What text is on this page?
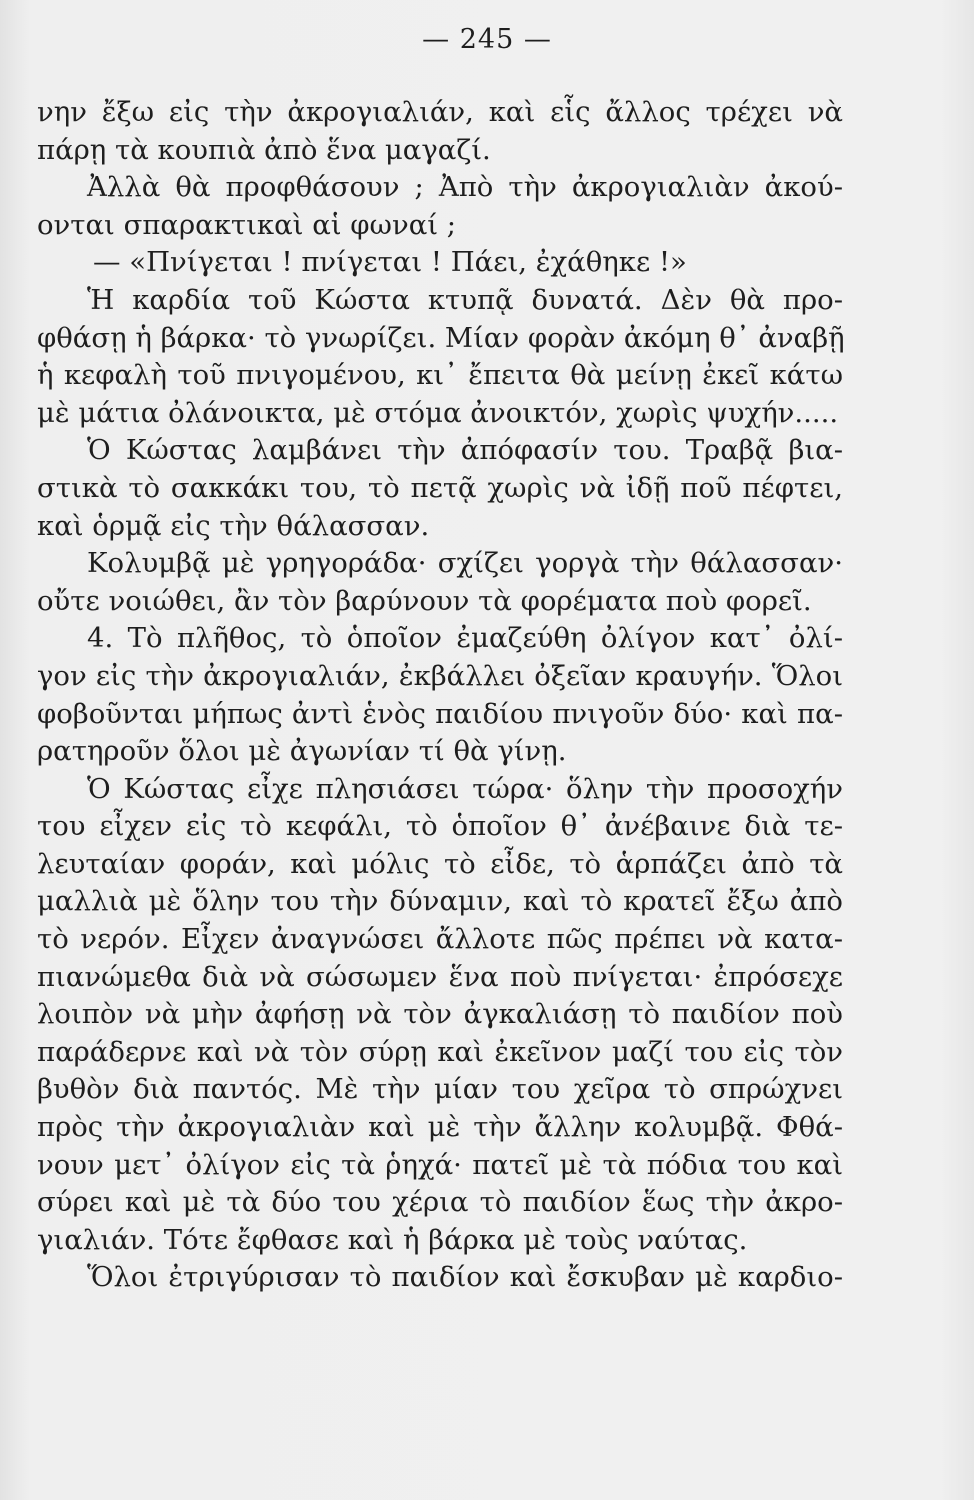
— 245 —
νην ἔξω εἰς τὴν ἀκρογιαλιάν, καὶ εἷς ἄλλος τρέχει νὰ
πάρῃ τὰ κουπιὰ ἀπὸ ἕνα μαγαζί.
Ἀλλὰ θὰ προφθάσουν ; Ἀπὸ τὴν ἀκρογιαλιὰν ἀκού-
ονται σπαρακτικαὶ αἱ φωναί ;
— «Πνίγεται ! πνίγεται ! Πάει, ἐχάθηκε !»
Ἡ καρδία τοῦ Κώστα κτυπᾷ δυνατά. Δὲν θὰ προ-
φθάσῃ ἡ βάρκα· τὸ γνωρίζει. Μίαν φορὰν ἀκόμη θ᾽ ἀναβῇ
ἡ κεφαλὴ τοῦ πνιγομένου, κι᾽ ἔπειτα θὰ μείνῃ ἐκεῖ κάτω
μὲ μάτια ὀλάνοικτα, μὲ στόμα ἀνοικτόν, χωρὶς ψυχήν.....
Ὁ Κώστας λαμβάνει τὴν ἀπόφασίν του. Τραβᾷ βια-
στικὰ τὸ σακκάκι του, τὸ πετᾷ χωρὶς νὰ ἰδῇ ποῦ πέφτει,
καὶ ὁρμᾷ εἰς τὴν θάλασσαν.
Κολυμβᾷ μὲ γρηγοράδα· σχίζει γοργὰ τὴν θάλασσαν·
οὔτε νοιώθει, ἂν τὸν βαρύνουν τὰ φορέματα ποὺ φορεῖ.
4. Τὸ πλῆθος, τὸ ὁποῖον ἐμαζεύθη ὀλίγον κατ᾽ ὀλί-
γον εἰς τὴν ἀκρογιαλιάν, ἐκβάλλει ὀξεῖαν κραυγήν. Ὅλοι
φοβοῦνται μήπως ἀντὶ ἑνὸς παιδίου πνιγοῦν δύο· καὶ πα-
ρατηροῦν ὅλοι μὲ ἀγωνίαν τί θὰ γίνῃ.
Ὁ Κώστας εἶχε πλησιάσει τώρα· ὅλην τὴν προσοχήν
του εἶχεν εἰς τὸ κεφάλι, τὸ ὁποῖον θ᾽ ἀνέβαινε διὰ τε-
λευταίαν φοράν, καὶ μόλις τὸ εἶδε, τὸ ἁρπάζει ἀπὸ τὰ
μαλλιὰ μὲ ὅλην του τὴν δύναμιν, καὶ τὸ κρατεῖ ἔξω ἀπὸ
τὸ νερόν. Εἶχεν ἀναγνώσει ἄλλοτε πῶς πρέπει νὰ κατα-
πιανώμεθα διὰ νὰ σώσωμεν ἕνα ποὺ πνίγεται· ἐπρόσεχε
λοιπὸν νὰ μὴν ἀφήσῃ νὰ τὸν ἀγκαλιάσῃ τὸ παιδίον ποὺ
παράδερνε καὶ νὰ τὸν σύρῃ καὶ ἐκεῖνον μαζί του εἰς τὸν
βυθὸν διὰ παντός. Μὲ τὴν μίαν του χεῖρα τὸ σπρώχνει
πρὸς τὴν ἀκρογιαλιὰν καὶ μὲ τὴν ἄλλην κολυμβᾷ. Φθά-
νουν μετ᾽ ὀλίγον εἰς τὰ ῥηχά· πατεῖ μὲ τὰ πόδια του καὶ
σύρει καὶ μὲ τὰ δύο του χέρια τὸ παιδίον ἕως τὴν ἀκρο-
γιαλιάν. Τότε ἔφθασε καὶ ἡ βάρκα μὲ τοὺς ναύτας.
Ὅλοι ἐτριγύρισαν τὸ παιδίον καὶ ἔσκυβαν μὲ καρδιο-
